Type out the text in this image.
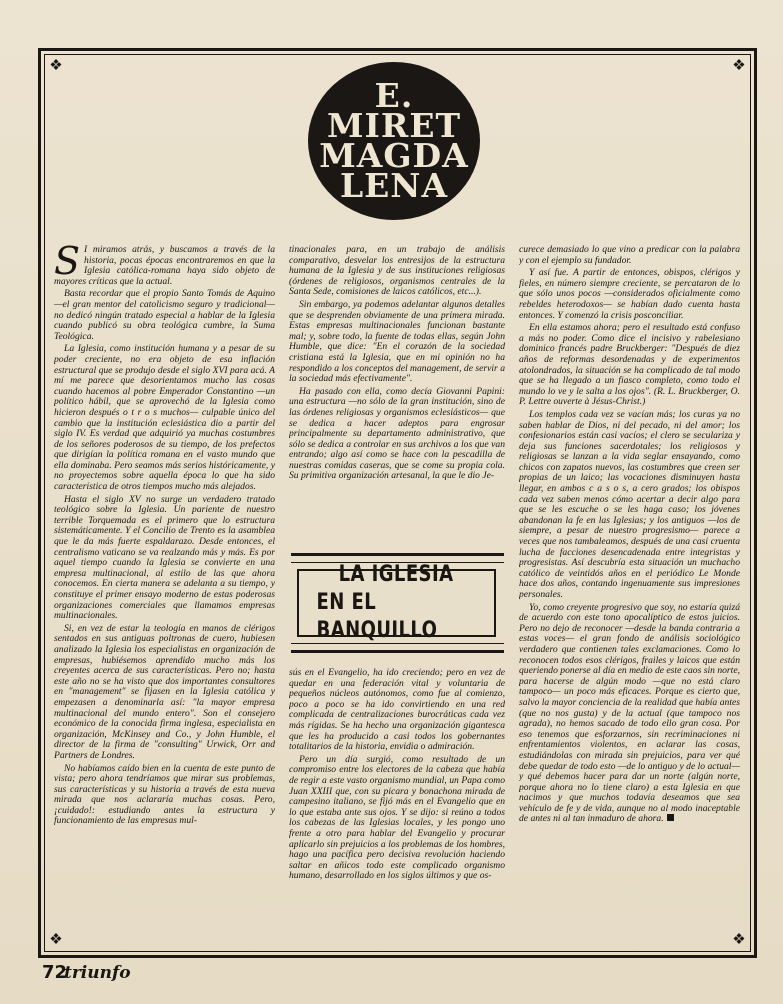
❖	❖
❖	❖
E.
MIRET
MAGDA
LENA

S I miramos atrás, y buscamos a través de la historia, pocas épocas encontraremos en que la Iglesia católica-romana haya sido objeto de mayores críticas que la actual.

Basta recordar que el propio Santo Tomás de Aquino —el gran mentor del catolicismo seguro y tradicional— no dedicó ningún tratado especial a hablar de la Iglesia cuando publicó su obra teológica cumbre, la Suma Teológica.

La Iglesia, como institución humana y a pesar de su poder creciente, no era objeto de esa inflación estructural que se produjo desde el siglo XVI para acá. A mí me parece que desorientamos mucho las cosas cuando hacemos al pobre Emperador Constantino —un político hábil, que se aprovechó de la Iglesia como hicieron después o t r o s muchos— culpable único del cambio que la institución eclesiástica dio a partir del siglo IV. Es verdad que adquirió ya muchas costumbres de los señores poderosos de su tiempo, de los prefectos que dirigían la política romana en el vasto mundo que ella dominaba. Pero seamos más serios históricamente, y no proyectemos sobre aquella época lo que ha sido característica de otros tiempos mucho más alejados.

Hasta el siglo XV no surge un verdadero tratado teológico sobre la Iglesia. Un pariente de nuestro terrible Torquemada es el primero que lo estructura sistemáticamente. Y el Concilio de Trento es la asamblea que le da más fuerte espaldarazo. Desde entonces, el centralismo vaticano se va realzando más y más. Es por aquel tiempo cuando la Iglesia se convierte en una empresa multinacional, al estilo de las que ahora conocemos. En cierta manera se adelanta a su tiempo, y constituye el primer ensayo moderno de estas poderosas organizaciones comerciales que llamamos empresas multinacionales.

Si, en vez de estar la teología en manos de clérigos sentados en sus antiguas poltronas de cuero, hubiesen analizado la Iglesia los especialistas en organización de empresas, hubiésemos aprendido mucho más los creyentes acerca de sus características. Pero no; hasta este año no se ha visto que dos importantes consultores en "management" se fijasen en la Iglesia católica y empezasen a denominarla así: "la mayor empresa multinacional del mundo entero". Son el consejero económico de la conocida firma inglesa, especialista en organización, McKinsey and Co., y John Humble, el director de la firma de "consulting" Urwick, Orr and Partners de Londres.

No habíamos caído bien en la cuenta de este punto de vista; pero ahora tendríamos que mirar sus problemas, sus características y su historia a través de esta nueva mirada que nos aclararía muchas cosas. Pero, ¡cuidado!: estudiando antes la estructura y funcionamiento de las empresas mul-

tinacionales para, en un trabajo de análisis comparativo, desvelar los entresijos de la estructura humana de la Iglesia y de sus instituciones religiosas (órdenes de religiosos, organismos centrales de la Santa Sede, comisiones de laicos católicos, etc...).

Sin embargo, ya podemos adelantar algunos detalles que se desprenden obviamente de una primera mirada. Estas empresas multinacionales funcionan bastante mal; y, sobre todo, la fuente de todas ellas, según John Humble, que dice: "En el corazón de la sociedad cristiana está la Iglesia, que en mi opinión no ha respondido a los conceptos del management, de servir a la sociedad más efectivamente".

Ha pasado con ella, como decía Giovanni Papini: una estructura —no sólo de la gran institución, sino de las órdenes religiosas y organismos eclesiásticos— que se dedica a hacer adeptos para engrosar principalmente su departamento administrativo, que sólo se dedica a controlar en sus archivos a los que van entrando; algo así como se hace con la pescadilla de nuestras comidas caseras, que se come su propia cola. Su primitiva organización artesanal, la que le dio Je-

LA IGLESIA
EN EL BANQUILLO

sús en el Evangelio, ha ido creciendo; pero en vez de quedar en una federación vital y voluntaria de pequeños núcleos autónomos, como fue al comienzo, poco a poco se ha ido convirtiendo en una red complicada de centralizaciones burocráticas cada vez más rígidas. Se ha hecho una organización gigantesca que les ha producido a casi todos los gobernantes totalitarios de la historia, envidia o admiración.

Pero un día surgió, como resultado de un compromiso entre los electores de la cabeza que había de regir a este vasto organismo mundial, un Papa como Juan XXIII que, con su picara y bonachona mirada de campesino italiano, se fijó más en el Evangelio que en lo que estaba ante sus ojos. Y se dijo: si reúno a todos los cabezas de las Iglesias locales, y les pongo uno frente a otro para hablar del Evangelio y procurar aplicarlo sin prejuicios a los problemas de los hombres, hago una pacífica pero decisiva revolución haciendo saltar en añicos todo este complicado organismo humano, desarrollado en los siglos últimos y que os-

curece demasiado lo que vino a predicar con la palabra y con el ejemplo su fundador.

Y así fue. A partir de entonces, obispos, clérigos y fieles, en número siempre creciente, se percataron de lo que sólo unos pocos —considerados oficialmente como rebeldes heterodoxos— se habían dado cuenta hasta entonces. Y comenzó la crisis posconciliar.

En ella estamos ahora; pero el resultado está confuso a más no poder. Como dice el incisivo y rabelesiano dominico francés padre Bruckberger: "Después de diez años de reformas desordenadas y de experimentos atolondrados, la situación se ha complicado de tal modo que se ha llegado a un fiasco completo, como todo el mundo lo ve y le salta a los ojos". (R. L. Bruckberger, O. P. Lettre ouverte à Jésus-Christ.)

Los templos cada vez se vacían más; los curas ya no saben hablar de Dios, ni del pecado, ni del amor; los confesionarios están casi vacíos; el clero se seculariza y deja sus funciones sacerdotales; los religiosos y religiosas se lanzan a la vida seglar ensayando, como chicos con zapatos nuevos, las costumbres que creen ser propias de un laico; las vocaciones disminuyen hasta llegar, en ambos c a s o s, a cero grados; los obispos cada vez saben menos cómo acertar a decir algo para que se les escuche o se les haga caso; los jóvenes abandonan la fe en las Iglesias; y los antiguos —los de siempre, a pesar de nuestro progresismo— parece a veces que nos tambaleamos, después de una casi cruenta lucha de facciones desencadenada entre integristas y progresistas. Así descubría esta situación un muchacho católico de veintidós años en el periódico Le Monde hace dos años, contando ingenuamente sus impresiones personales.

Yo, como creyente progresivo que soy, no estaría quizá de acuerdo con este tono apocalíptico de estos juicios. Pero no dejo de reconocer —desde la banda contraria a estas voces— el gran fondo de análisis sociológico verdadero que contienen tales exclamaciones. Como lo reconocen todos esos clérigos, frailes y laicos que están queriendo ponerse al día en medio de este caos sin norte, para hacerse de algún modo —que no está claro tampoco— un poco más eficaces. Porque es cierto que, salvo la mayor conciencia de la realidad que había antes (que no nos gusta) y de la actual (que tampoco nos agrada), no hemos sacado de todo ello gran cosa. Por eso tenemos que esforzarnos, sin recriminaciones ni enfrentamientos violentos, en aclarar las cosas, estudiándolas con mirada sin prejuicios, para ver qué debe quedar de todo esto —de lo antiguo y de lo actual— y qué debemos hacer para dar un norte (algún norte, porque ahora no lo tiene claro) a esta Iglesia en que nacimos y que muchos todavía deseamos que sea vehículo de fe y de vida, aunque no al modo inaceptable de antes ni al tan inmaduro de ahora.

72
triunfo
